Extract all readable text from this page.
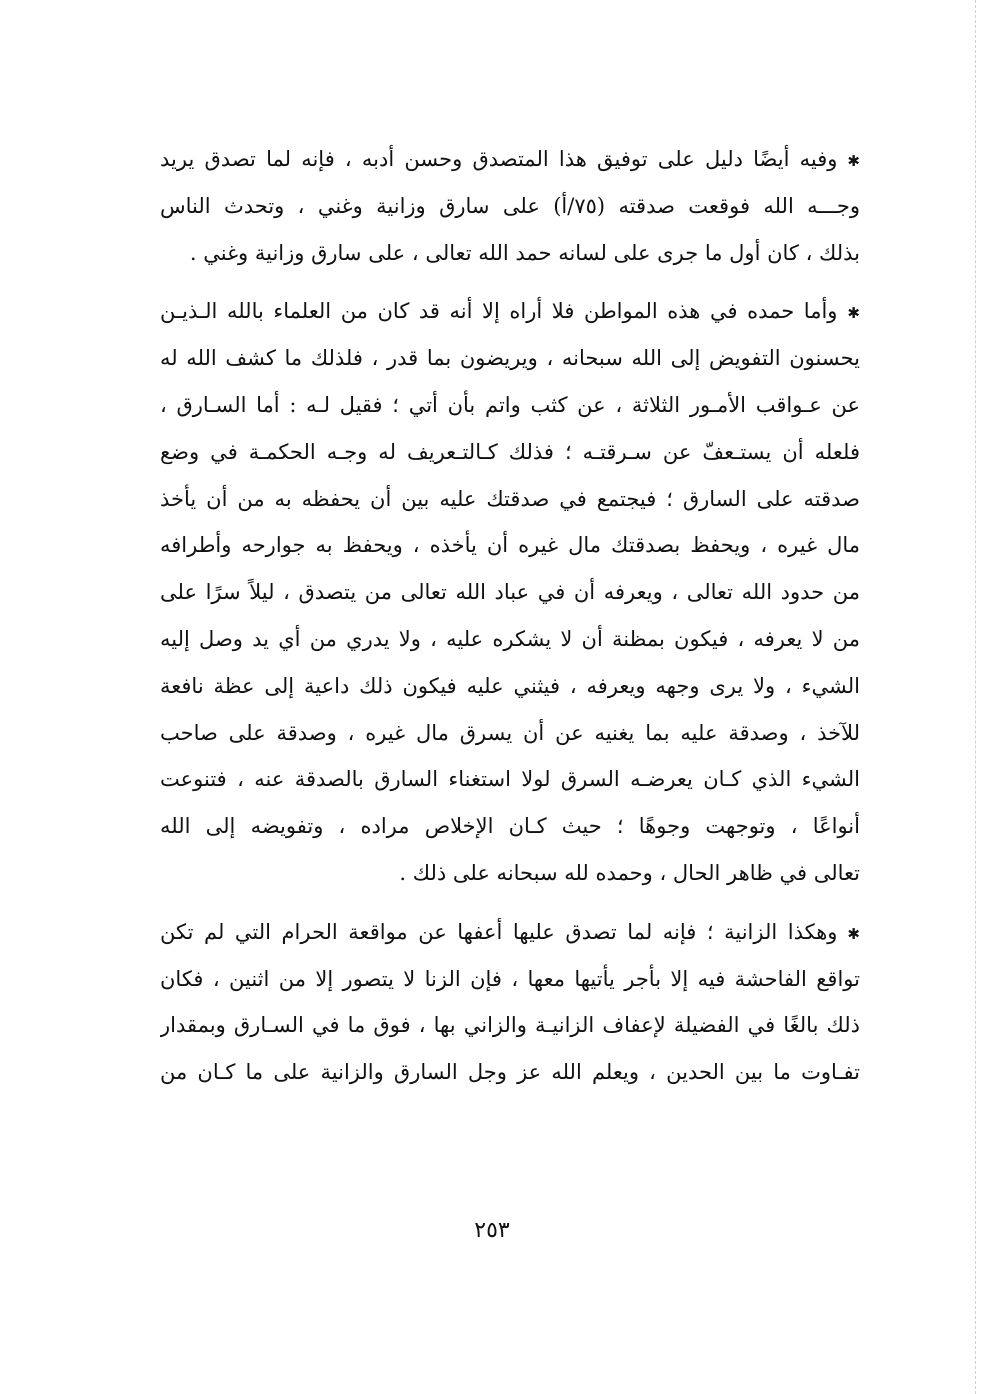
✱وفيه أيضًا دليل على توفيق هذا المتصدق وحسن أدبه ، فإنه لما تصدق يريد
وجـــه الله فوقعت صدقته (٧٥/أ) على سارق وزانية وغني ، وتحدث الناس
بذلك ، كان أول ما جرى على لسانه حمد الله تعالى ، على سارق وزانية وغني .
✱وأما حمده في هذه المواطن فلا أراه إلا أنه قد كان من العلماء بالله الـذيـن
يحسنون التفويض إلى الله سبحانه ، ويريضون بما قدر ، فلذلك ما كشف الله له
عن عـواقب الأمـور الثلاثة ، عن كثب واتم بأن أتي ؛ فقيل لـه : أما السـارق ،
فلعله أن يستـعفّ عن سـرقتـه ؛ فذلك كـالتـعريف له وجـه الحكمـة في وضع
صدقته على السارق ؛ فيجتمع في صدقتك عليه بين أن يحفظه به من أن يأخذ
مال غيره ، ويحفظ بصدقتك مال غيره أن يأخذه ، ويحفظ به جوارحه وأطرافه
من حدود الله تعالى ، ويعرفه أن في عباد الله تعالى من يتصدق ، ليلاً سرًا على
من لا يعرفه ، فيكون بمظنة أن لا يشكره عليه ، ولا يدري من أي يد وصل إليه
الشيء ، ولا يرى وجهه ويعرفه ، فيثني عليه فيكون ذلك داعية إلى عظة نافعة
للآخذ ، وصدقة عليه بما يغنيه عن أن يسرق مال غيره ، وصدقة على صاحب
الشيء الذي كـان يعرضـه السرق لولا استغناء السارق بالصدقة عنه ، فتنوعت
أنواعًا ، وتوجهت وجوهًا ؛ حيث كـان الإخلاص مراده ، وتفويضه إلى الله
تعالى في ظاهر الحال ، وحمده لله سبحانه على ذلك .
✱وهكذا الزانية ؛ فإنه لما تصدق عليها أعفها عن مواقعة الحرام التي لم تكن
تواقع الفاحشة فيه إلا بأجر يأتيها معها ، فإن الزنا لا يتصور إلا من اثنين ، فكان
ذلك بالغًا في الفضيلة لإعفاف الزانيـة والزاني بها ، فوق ما في السـارق وبمقدار
تفـاوت ما بين الحدين ، ويعلم الله عز وجل السارق والزانية على ما كـان من
٢٥٣
